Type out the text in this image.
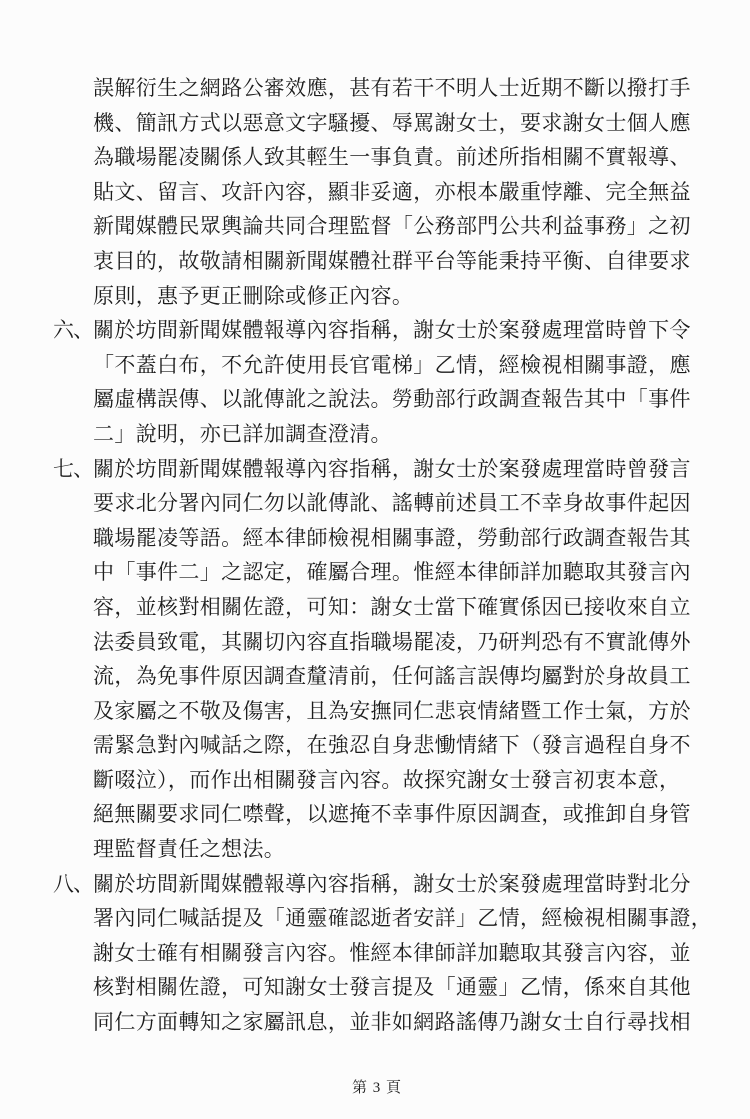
誤解衍生之網路公審效應，甚有若干不明人士近期不斷以撥打手
機、簡訊方式以惡意文字騷擾、辱罵謝女士，要求謝女士個人應
為職場罷凌關係人致其輕生一事負責。前述所指相關不實報導、
貼文、留言、攻訐內容，顯非妥適，亦根本嚴重悖離、完全無益
新聞媒體民眾輿論共同合理監督「公務部門公共利益事務」之初
衷目的，故敬請相關新聞媒體社群平台等能秉持平衡、自律要求
原則，惠予更正刪除或修正內容。
六、關於坊間新聞媒體報導內容指稱，謝女士於案發處理當時曾下令
「不蓋白布，不允許使用長官電梯」乙情，經檢視相關事證，應
屬虛構誤傳、以訛傳訛之說法。勞動部行政調查報告其中「事件
二」說明，亦已詳加調查澄清。
七、關於坊間新聞媒體報導內容指稱，謝女士於案發處理當時曾發言
要求北分署內同仁勿以訛傳訛、謠轉前述員工不幸身故事件起因
職場罷凌等語。經本律師檢視相關事證，勞動部行政調查報告其
中「事件二」之認定，確屬合理。惟經本律師詳加聽取其發言內
容，並核對相關佐證，可知：謝女士當下確實係因已接收來自立
法委員致電，其關切內容直指職場罷凌，乃研判恐有不實訛傳外
流，為免事件原因調查釐清前，任何謠言誤傳均屬對於身故員工
及家屬之不敬及傷害，且為安撫同仁悲哀情緒暨工作士氣，方於
需緊急對內喊話之際，在強忍自身悲慟情緒下（發言過程自身不
斷啜泣），而作出相關發言內容。故探究謝女士發言初衷本意，
絕無關要求同仁噤聲，以遮掩不幸事件原因調查，或推卸自身管
理監督責任之想法。
八、關於坊間新聞媒體報導內容指稱，謝女士於案發處理當時對北分
署內同仁喊話提及「通靈確認逝者安詳」乙情，經檢視相關事證，
謝女士確有相關發言內容。惟經本律師詳加聽取其發言內容，並
核對相關佐證，可知謝女士發言提及「通靈」乙情，係來自其他
同仁方面轉知之家屬訊息，並非如網路謠傳乃謝女士自行尋找相
第 3 頁
